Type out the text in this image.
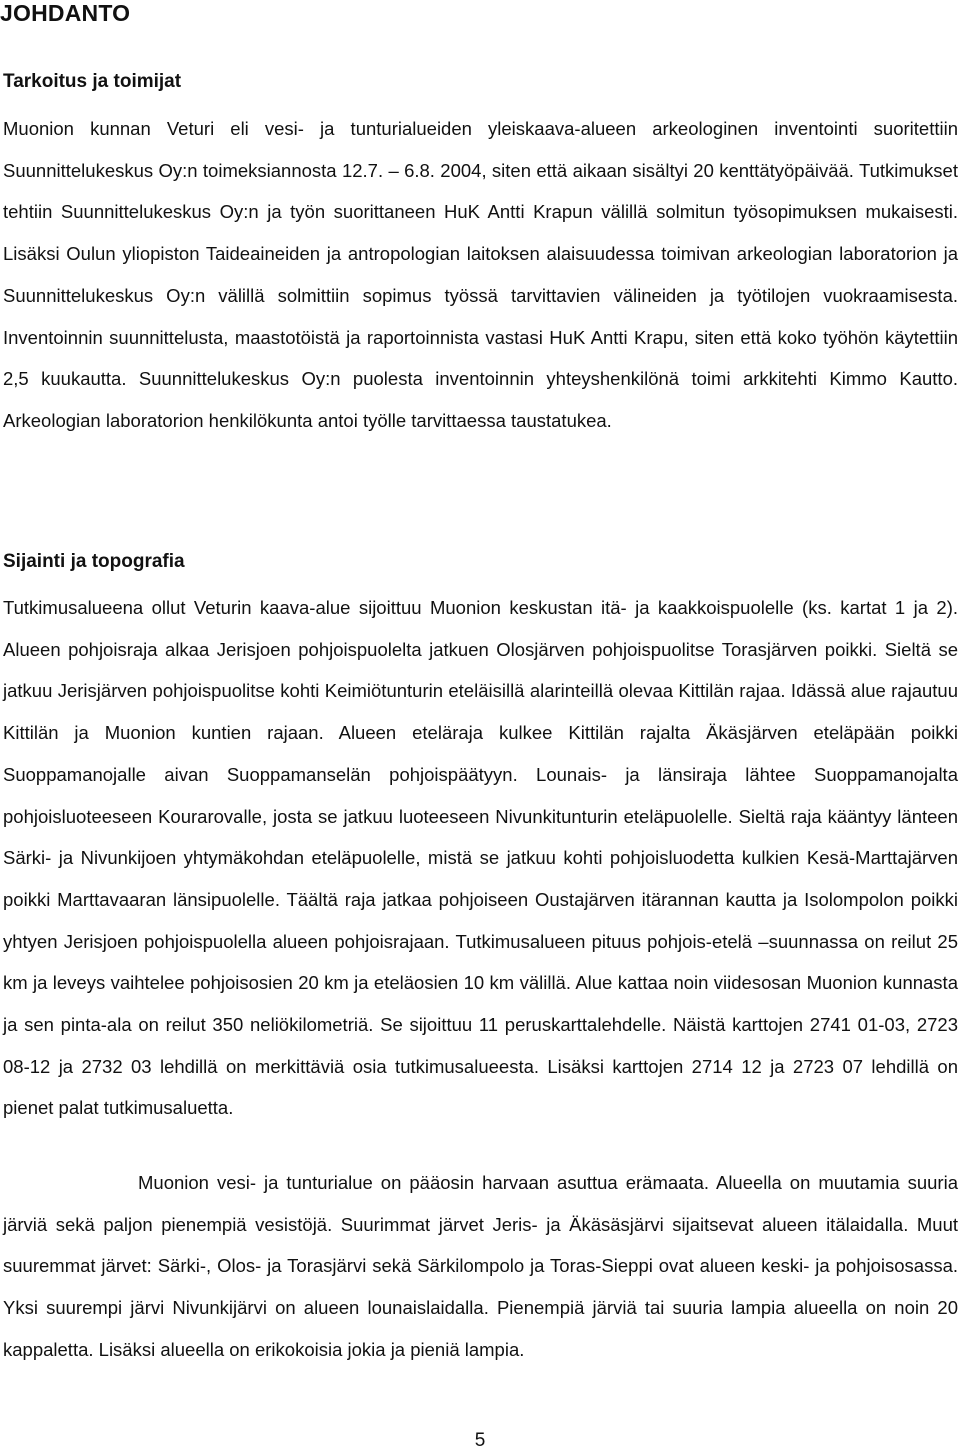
JOHDANTO
Tarkoitus ja toimijat

Muonion kunnan Veturi eli vesi- ja tunturialueiden yleiskaava-alueen arkeologinen inventointi suoritettiin Suunnittelukeskus Oy:n toimeksiannosta 12.7. – 6.8. 2004, siten että aikaan sisältyi 20 kenttätyöpäivää. Tutkimukset tehtiin Suunnittelukeskus Oy:n ja työn suorittaneen HuK Antti Krapun välillä solmitun työsopimuksen mukaisesti. Lisäksi Oulun yliopiston Taideaineiden ja antropologian laitoksen alaisuudessa toimivan arkeologian laboratorion ja Suunnittelukeskus Oy:n välillä solmittiin sopimus työssä tarvittavien välineiden ja työtilojen vuokraamisesta. Inventoinnin suunnittelusta, maastotöistä ja raportoinnista vastasi HuK Antti Krapu, siten että koko työhön käytettiin 2,5 kuukautta. Suunnittelukeskus Oy:n puolesta inventoinnin yhteyshenkilönä toimi arkkitehti Kimmo Kautto. Arkeologian laboratorion henkilökunta antoi työlle tarvittaessa taustatukea.

Sijainti ja topografia

Tutkimusalueena ollut Veturin kaava-alue sijoittuu Muonion keskustan itä- ja kaakkoispuolelle (ks. kartat 1 ja 2). Alueen pohjoisraja alkaa Jerisjoen pohjoispuolelta jatkuen Olosjärven pohjoispuolitse Torasjärven poikki. Sieltä se jatkuu Jerisjärven pohjoispuolitse kohti Keimiötunturin eteläisillä alarinteillä olevaa Kittilän rajaa. Idässä alue rajautuu Kittilän ja Muonion kuntien rajaan. Alueen eteläraja kulkee Kittilän rajalta Äkäsjärven eteläpään poikki Suoppamanojalle aivan Suoppamanselän pohjoispäätyyn. Lounais- ja länsiraja lähtee Suoppamanojalta pohjoisluoteeseen Kourarovalle, josta se jatkuu luoteeseen Nivunkitunturin eteläpuolelle. Sieltä raja kääntyy länteen Särki- ja Nivunkijoen yhtymäkohdan eteläpuolelle, mistä se jatkuu kohti pohjoisluodetta kulkien Kesä-Marttajärven poikki Marttavaaran länsipuolelle. Täältä raja jatkaa pohjoiseen Oustajärven itärannan kautta ja Isolompolon poikki yhtyen Jerisjoen pohjoispuolella alueen pohjoisrajaan. Tutkimusalueen pituus pohjois-etelä –suunnassa on reilut 25 km ja leveys vaihtelee pohjoisosien 20 km ja eteläosien 10 km välillä. Alue kattaa noin viidesosan Muonion kunnasta ja sen pinta-ala on reilut 350 neliökilometriä. Se sijoittuu 11 peruskarttalehdelle. Näistä karttojen 2741 01-03, 2723 08-12 ja 2732 03 lehdillä on merkittäviä osia tutkimusalueesta. Lisäksi karttojen 2714 12 ja 2723 07 lehdillä on pienet palat tutkimusaluetta.

Muonion vesi- ja tunturialue on pääosin harvaan asuttua erämaata. Alueella on muutamia suuria järviä sekä paljon pienempiä vesistöjä. Suurimmat järvet Jeris- ja Äkäsäsjärvi sijaitsevat alueen itälaidalla. Muut suuremmat järvet: Särki-, Olos- ja Torasjärvi sekä Särkilompolo ja Toras-Sieppi ovat alueen keski- ja pohjoisosassa. Yksi suurempi järvi Nivunkijärvi on alueen lounaislaidalla. Pienempiä järviä tai suuria lampia alueella on noin 20 kappaletta. Lisäksi alueella on erikokoisia jokia ja pieniä lampia.

5
